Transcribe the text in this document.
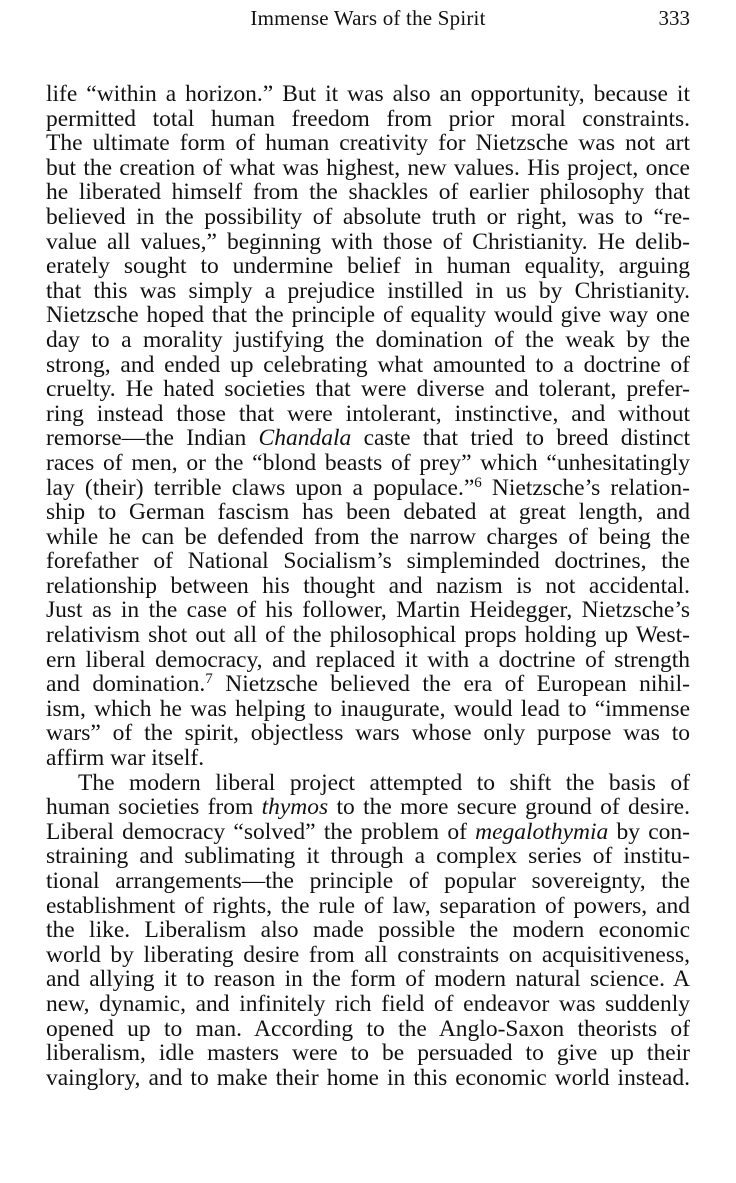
Immense Wars of the Spirit	333
life “within a horizon.” But it was also an opportunity, because it
permitted total human freedom from prior moral constraints.
The ultimate form of human creativity for Nietzsche was not art
but the creation of what was highest, new values. His project, once
he liberated himself from the shackles of earlier philosophy that
believed in the possibility of absolute truth or right, was to “re-
value all values,” beginning with those of Christianity. He delib-
erately sought to undermine belief in human equality, arguing
that this was simply a prejudice instilled in us by Christianity.
Nietzsche hoped that the principle of equality would give way one
day to a morality justifying the domination of the weak by the
strong, and ended up celebrating what amounted to a doctrine of
cruelty. He hated societies that were diverse and tolerant, prefer-
ring instead those that were intolerant, instinctive, and without
remorse—the Indian Chandala caste that tried to breed distinct
races of men, or the “blond beasts of prey” which “unhesitatingly
lay (their) terrible claws upon a populace.”$^6$ Nietzsche’s relation-
ship to German fascism has been debated at great length, and
while he can be defended from the narrow charges of being the
forefather of National Socialism’s simpleminded doctrines, the
relationship between his thought and nazism is not accidental.
Just as in the case of his follower, Martin Heidegger, Nietzsche’s
relativism shot out all of the philosophical props holding up West-
ern liberal democracy, and replaced it with a doctrine of strength
and domination.$^7$ Nietzsche believed the era of European nihil-
ism, which he was helping to inaugurate, would lead to “immense
wars” of the spirit, objectless wars whose only purpose was to
affirm war itself.
The modern liberal project attempted to shift the basis of
human societies from thymos to the more secure ground of desire.
Liberal democracy “solved” the problem of megalothymia by con-
straining and sublimating it through a complex series of institu-
tional arrangements—the principle of popular sovereignty, the
establishment of rights, the rule of law, separation of powers, and
the like. Liberalism also made possible the modern economic
world by liberating desire from all constraints on acquisitiveness,
and allying it to reason in the form of modern natural science. A
new, dynamic, and infinitely rich field of endeavor was suddenly
opened up to man. According to the Anglo-Saxon theorists of
liberalism, idle masters were to be persuaded to give up their
vainglory, and to make their home in this economic world instead.
